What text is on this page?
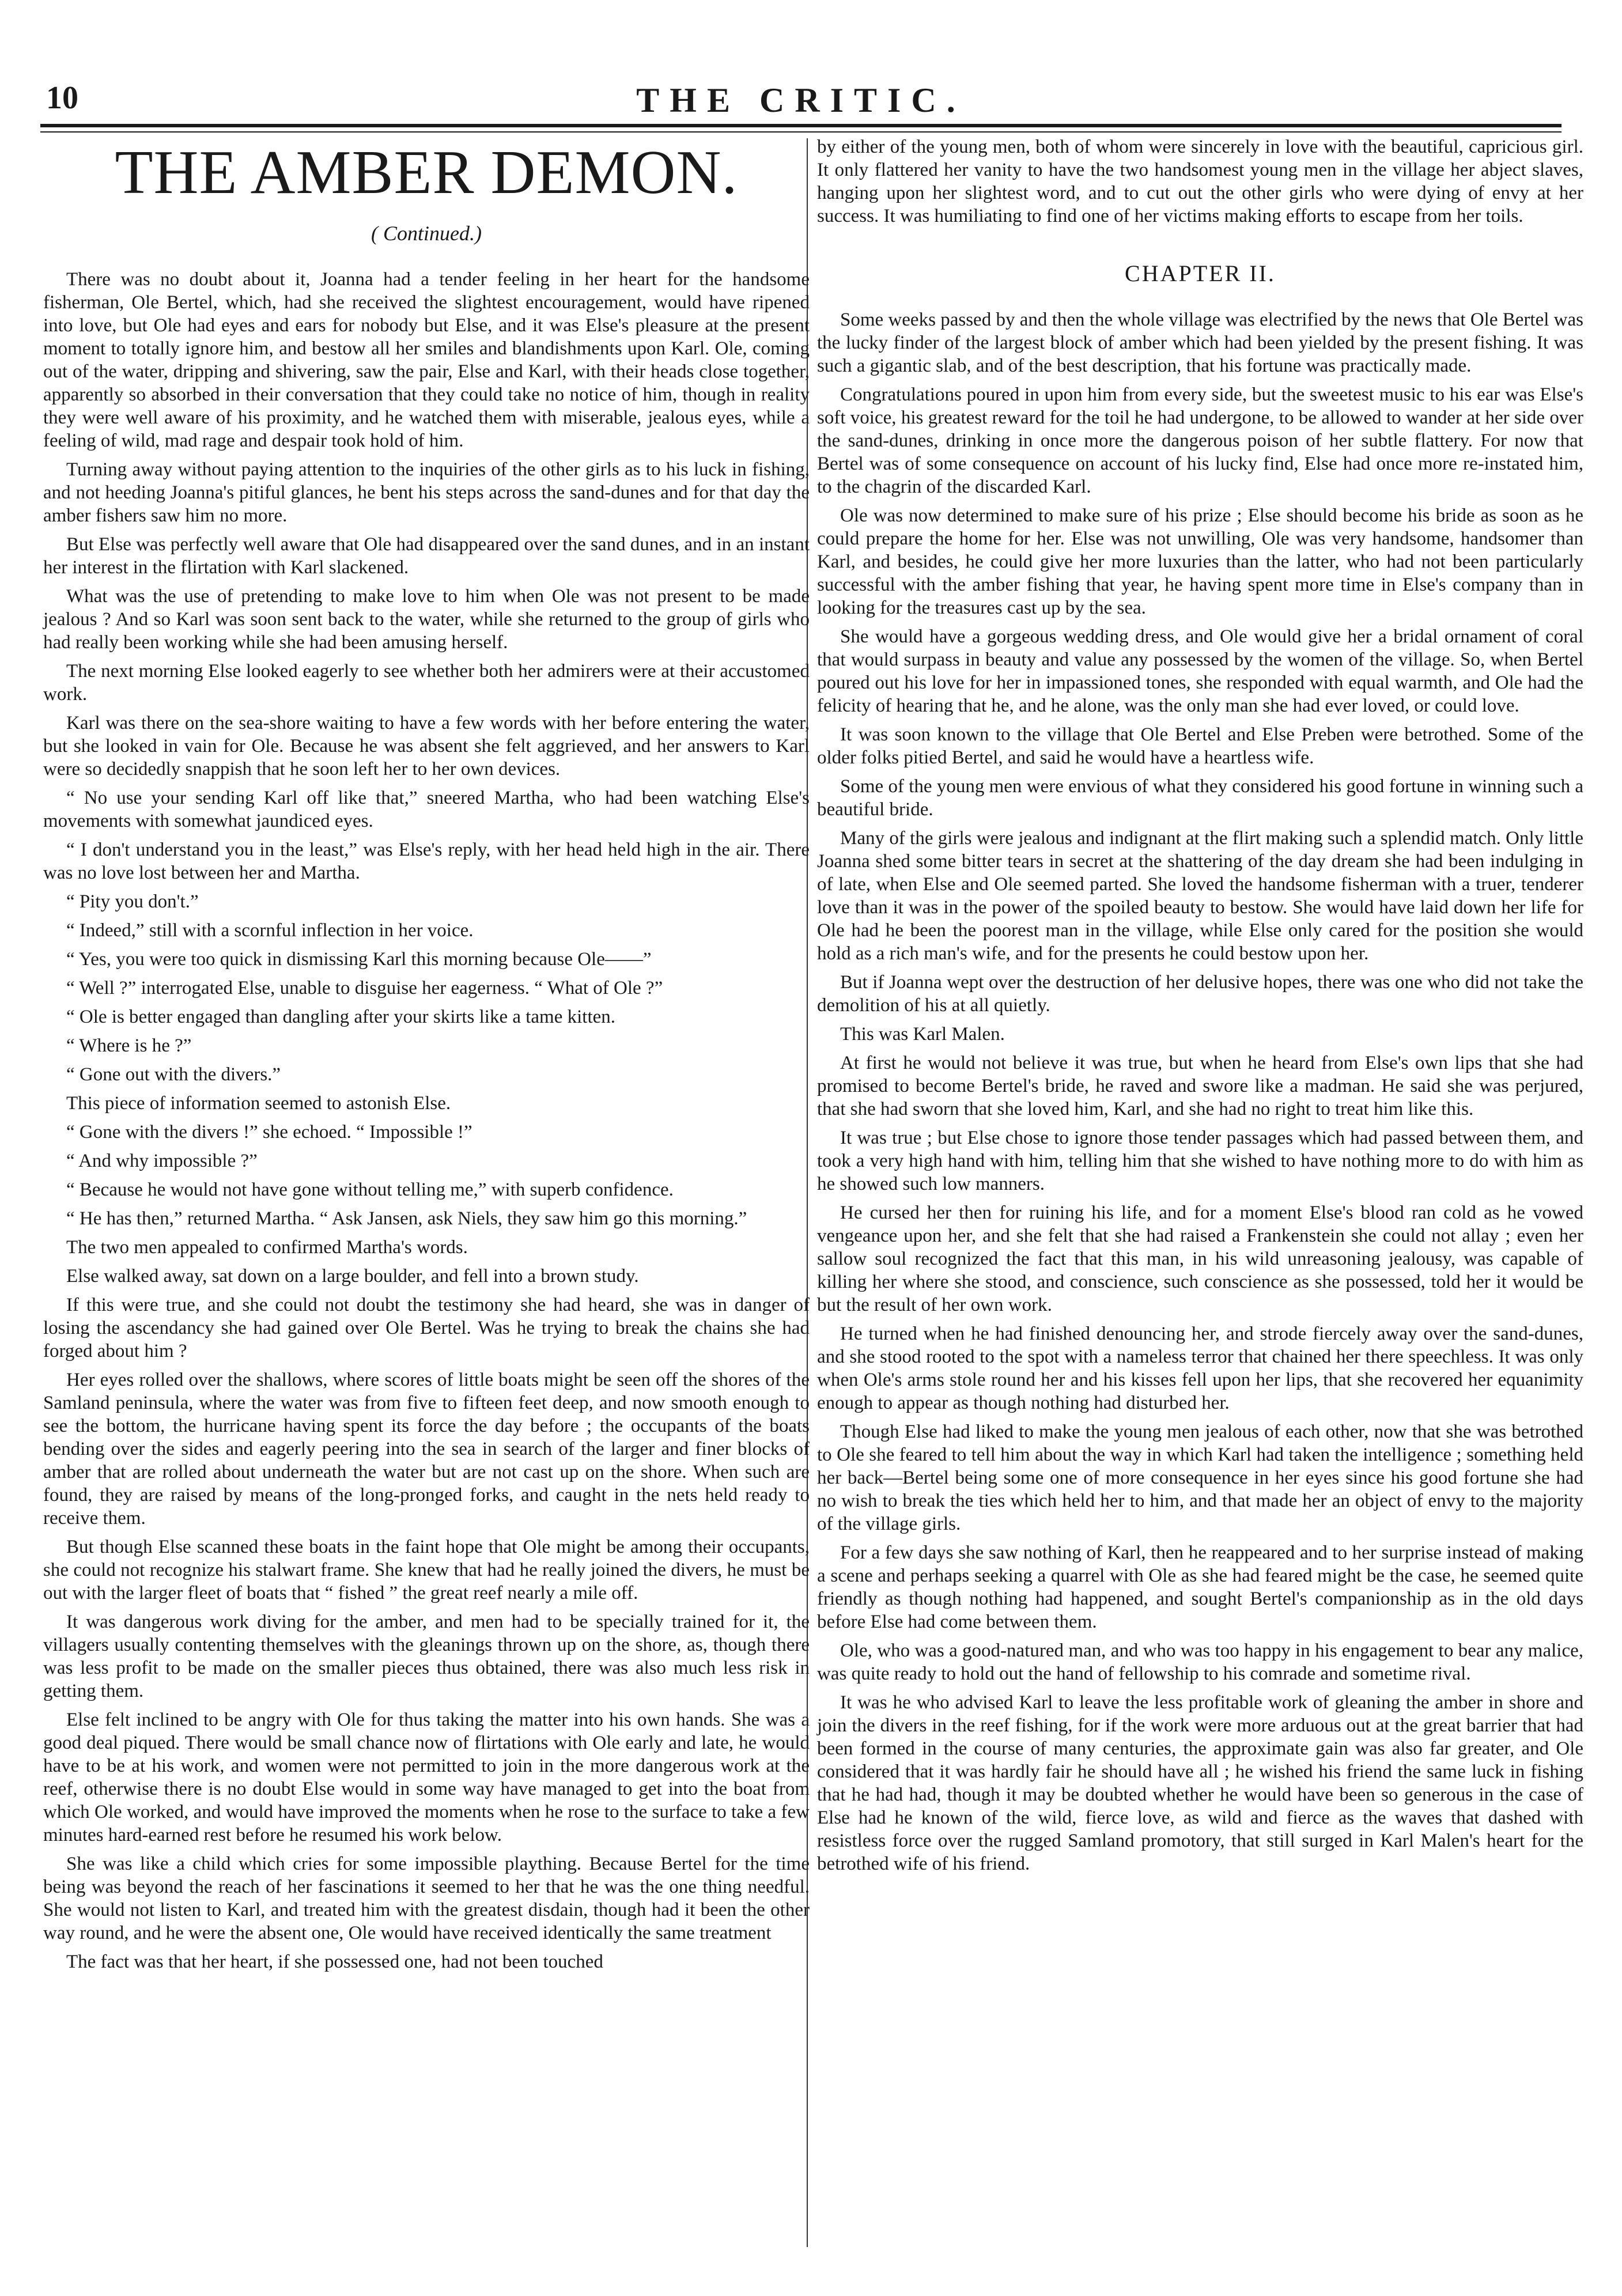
10	THE CRITIC.
THE AMBER DEMON.
( Continued.)

There was no doubt about it, Joanna had a tender feeling in her heart for the handsome fisherman, Ole Bertel, which, had she received the slightest encouragement, would have ripened into love, but Ole had eyes and ears for nobody but Else, and it was Else's pleasure at the present moment to totally ignore him, and bestow all her smiles and blandishments upon Karl. Ole, coming out of the water, dripping and shivering, saw the pair, Else and Karl, with their heads close together, apparently so absorbed in their conversation that they could take no notice of him, though in reality they were well aware of his proximity, and he watched them with miserable, jealous eyes, while a feeling of wild, mad rage and despair took hold of him.

Turning away without paying attention to the inquiries of the other girls as to his luck in fishing, and not heeding Joanna's pitiful glances, he bent his steps across the sand-dunes and for that day the amber fishers saw him no more.

But Else was perfectly well aware that Ole had disappeared over the sand dunes, and in an instant her interest in the flirtation with Karl slackened.

What was the use of pretending to make love to him when Ole was not present to be made jealous ? And so Karl was soon sent back to the water, while she returned to the group of girls who had really been working while she had been amusing herself.

The next morning Else looked eagerly to see whether both her admirers were at their accustomed work.

Karl was there on the sea-shore waiting to have a few words with her before entering the water, but she looked in vain for Ole. Because he was absent she felt aggrieved, and her answers to Karl were so decidedly snappish that he soon left her to her own devices.

“ No use your sending Karl off like that,” sneered Martha, who had been watching Else's movements with somewhat jaundiced eyes.

“ I don't understand you in the least,” was Else's reply, with her head held high in the air. There was no love lost between her and Martha.

“ Pity you don't.”

“ Indeed,” still with a scornful inflection in her voice.

“ Yes, you were too quick in dismissing Karl this morning because Ole——”

“ Well ?” interrogated Else, unable to disguise her eagerness. “ What of Ole ?”

“ Ole is better engaged than dangling after your skirts like a tame kitten.

“ Where is he ?”

“ Gone out with the divers.”

This piece of information seemed to astonish Else.

“ Gone with the divers !” she echoed. “ Impossible !”

“ And why impossible ?”

“ Because he would not have gone without telling me,” with superb confidence.

“ He has then,” returned Martha. “ Ask Jansen, ask Niels, they saw him go this morning.”

The two men appealed to confirmed Martha's words.

Else walked away, sat down on a large boulder, and fell into a brown study.

If this were true, and she could not doubt the testimony she had heard, she was in danger of losing the ascendancy she had gained over Ole Bertel. Was he trying to break the chains she had forged about him ?

Her eyes rolled over the shallows, where scores of little boats might be seen off the shores of the Samland peninsula, where the water was from five to fifteen feet deep, and now smooth enough to see the bottom, the hurricane having spent its force the day before ; the occupants of the boats bending over the sides and eagerly peering into the sea in search of the larger and finer blocks of amber that are rolled about underneath the water but are not cast up on the shore. When such are found, they are raised by means of the long-pronged forks, and caught in the nets held ready to receive them.

But though Else scanned these boats in the faint hope that Ole might be among their occupants, she could not recognize his stalwart frame. She knew that had he really joined the divers, he must be out with the larger fleet of boats that “ fished ” the great reef nearly a mile off.

It was dangerous work diving for the amber, and men had to be specially trained for it, the villagers usually contenting themselves with the gleanings thrown up on the shore, as, though there was less profit to be made on the smaller pieces thus obtained, there was also much less risk in getting them.

Else felt inclined to be angry with Ole for thus taking the matter into his own hands. She was a good deal piqued. There would be small chance now of flirtations with Ole early and late, he would have to be at his work, and women were not permitted to join in the more dangerous work at the reef, otherwise there is no doubt Else would in some way have managed to get into the boat from which Ole worked, and would have improved the moments when he rose to the surface to take a few minutes hard-earned rest before he resumed his work below.

She was like a child which cries for some impossible plaything. Because Bertel for the time being was beyond the reach of her fascinations it seemed to her that he was the one thing needful. She would not listen to Karl, and treated him with the greatest disdain, though had it been the other way round, and he were the absent one, Ole would have received identically the same treatment

The fact was that her heart, if she possessed one, had not been touched

by either of the young men, both of whom were sincerely in love with the beautiful, capricious girl. It only flattered her vanity to have the two handsomest young men in the village her abject slaves, hanging upon her slightest word, and to cut out the other girls who were dying of envy at her success. It was humiliating to find one of her victims making efforts to escape from her toils.

CHAPTER II.

Some weeks passed by and then the whole village was electrified by the news that Ole Bertel was the lucky finder of the largest block of amber which had been yielded by the present fishing. It was such a gigantic slab, and of the best description, that his fortune was practically made.

Congratulations poured in upon him from every side, but the sweetest music to his ear was Else's soft voice, his greatest reward for the toil he had undergone, to be allowed to wander at her side over the sand-dunes, drinking in once more the dangerous poison of her subtle flattery. For now that Bertel was of some consequence on account of his lucky find, Else had once more re-instated him, to the chagrin of the discarded Karl.

Ole was now determined to make sure of his prize ; Else should become his bride as soon as he could prepare the home for her. Else was not unwilling, Ole was very handsome, handsomer than Karl, and besides, he could give her more luxuries than the latter, who had not been particularly successful with the amber fishing that year, he having spent more time in Else's company than in looking for the treasures cast up by the sea.

She would have a gorgeous wedding dress, and Ole would give her a bridal ornament of coral that would surpass in beauty and value any possessed by the women of the village. So, when Bertel poured out his love for her in impassioned tones, she responded with equal warmth, and Ole had the felicity of hearing that he, and he alone, was the only man she had ever loved, or could love.

It was soon known to the village that Ole Bertel and Else Preben were betrothed. Some of the older folks pitied Bertel, and said he would have a heartless wife.

Some of the young men were envious of what they considered his good fortune in winning such a beautiful bride.

Many of the girls were jealous and indignant at the flirt making such a splendid match. Only little Joanna shed some bitter tears in secret at the shattering of the day dream she had been indulging in of late, when Else and Ole seemed parted. She loved the handsome fisherman with a truer, tenderer love than it was in the power of the spoiled beauty to bestow. She would have laid down her life for Ole had he been the poorest man in the village, while Else only cared for the position she would hold as a rich man's wife, and for the presents he could bestow upon her.

But if Joanna wept over the destruction of her delusive hopes, there was one who did not take the demolition of his at all quietly.

This was Karl Malen.

At first he would not believe it was true, but when he heard from Else's own lips that she had promised to become Bertel's bride, he raved and swore like a madman. He said she was perjured, that she had sworn that she loved him, Karl, and she had no right to treat him like this.

It was true ; but Else chose to ignore those tender passages which had passed between them, and took a very high hand with him, telling him that she wished to have nothing more to do with him as he showed such low manners.

He cursed her then for ruining his life, and for a moment Else's blood ran cold as he vowed vengeance upon her, and she felt that she had raised a Frankenstein she could not allay ; even her sallow soul recognized the fact that this man, in his wild unreasoning jealousy, was capable of killing her where she stood, and conscience, such conscience as she possessed, told her it would be but the result of her own work.

He turned when he had finished denouncing her, and strode fiercely away over the sand-dunes, and she stood rooted to the spot with a nameless terror that chained her there speechless. It was only when Ole's arms stole round her and his kisses fell upon her lips, that she recovered her equanimity enough to appear as though nothing had disturbed her.

Though Else had liked to make the young men jealous of each other, now that she was betrothed to Ole she feared to tell him about the way in which Karl had taken the intelligence ; something held her back—Bertel being some one of more consequence in her eyes since his good fortune she had no wish to break the ties which held her to him, and that made her an object of envy to the majority of the village girls.

For a few days she saw nothing of Karl, then he reappeared and to her surprise instead of making a scene and perhaps seeking a quarrel with Ole as she had feared might be the case, he seemed quite friendly as though nothing had happened, and sought Bertel's companionship as in the old days before Else had come between them.

Ole, who was a good-natured man, and who was too happy in his engagement to bear any malice, was quite ready to hold out the hand of fellowship to his comrade and sometime rival.

It was he who advised Karl to leave the less profitable work of gleaning the amber in shore and join the divers in the reef fishing, for if the work were more arduous out at the great barrier that had been formed in the course of many centuries, the approximate gain was also far greater, and Ole considered that it was hardly fair he should have all ; he wished his friend the same luck in fishing that he had had, though it may be doubted whether he would have been so generous in the case of Else had he known of the wild, fierce love, as wild and fierce as the waves that dashed with resistless force over the rugged Samland promotory, that still surged in Karl Malen's heart for the betrothed wife of his friend.
